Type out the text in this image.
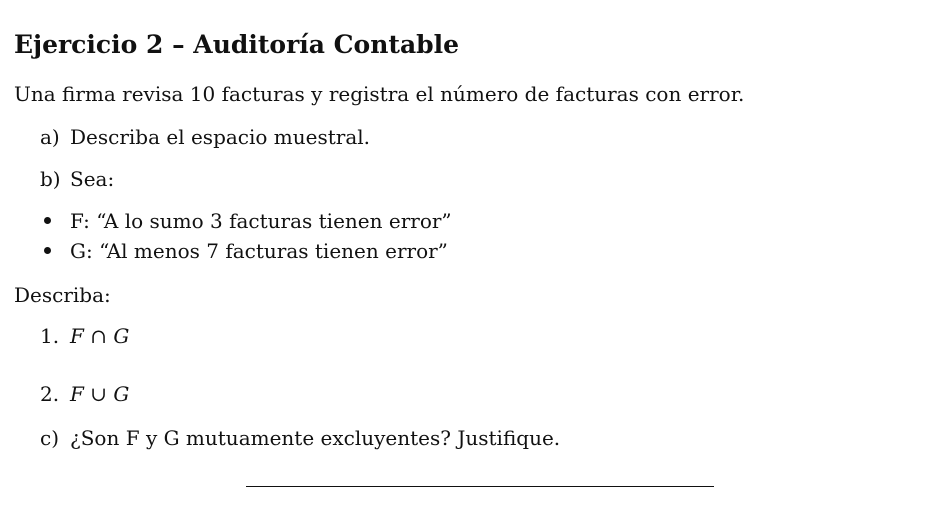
Ejercicio 2 – Auditoría Contable
Una firma revisa 10 facturas y registra el número de facturas con error.
a) Describa el espacio muestral.
b) Sea:
F: “A lo sumo 3 facturas tienen error”
G: “Al menos 7 facturas tienen error”
Describa:
1. F ∩ G
2. F ∪ G
c) ¿Son F y G mutuamente excluyentes? Justifique.
